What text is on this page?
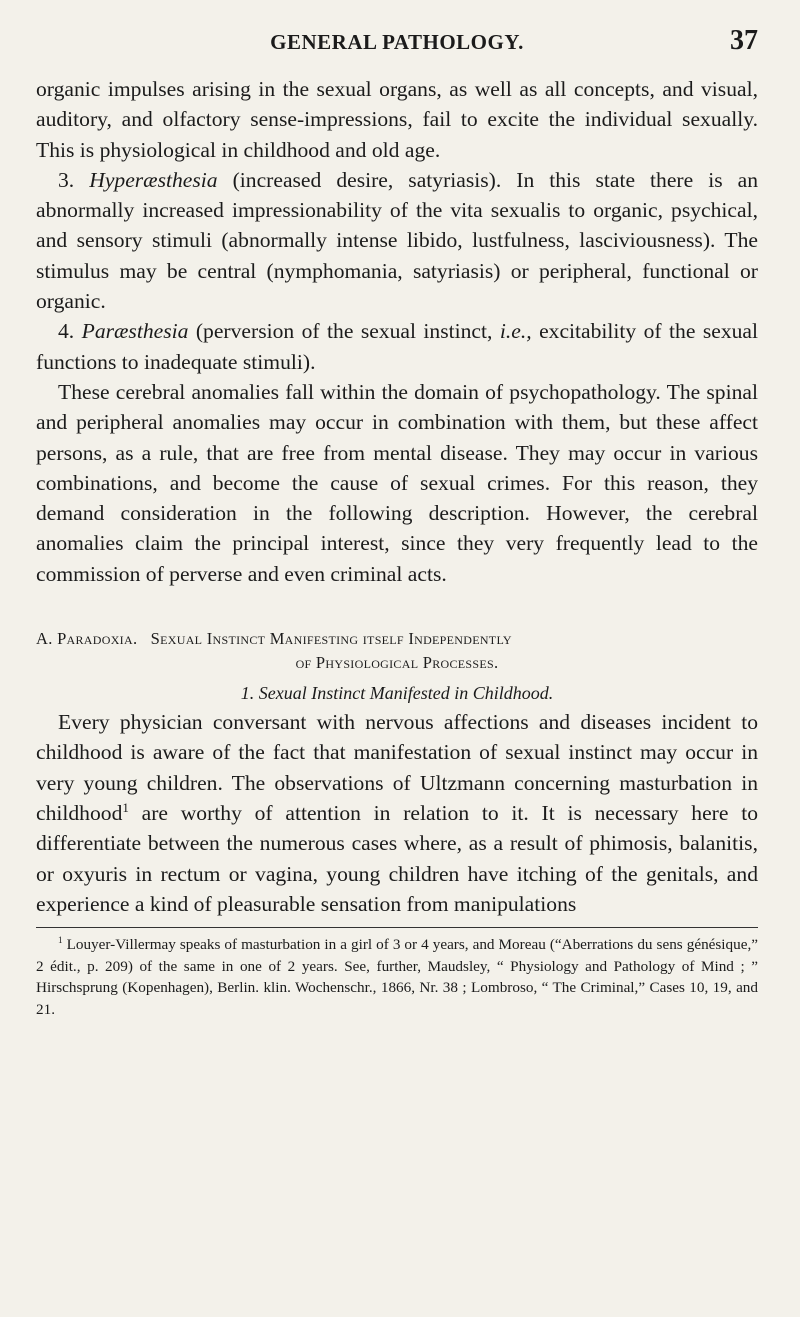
GENERAL PATHOLOGY.	37

organic impulses arising in the sexual organs, as well as all concepts, and visual, auditory, and olfactory sense-impressions, fail to excite the individual sexually. This is physiological in childhood and old age.

3. Hyperæsthesia (increased desire, satyriasis). In this state there is an abnormally increased impressionability of the vita sexualis to organic, psychical, and sensory stimuli (abnormally intense libido, lustfulness, lasciviousness). The stimulus may be central (nymphomania, satyriasis) or peripheral, functional or organic.

4. Paræsthesia (perversion of the sexual instinct, i.e., excitability of the sexual functions to inadequate stimuli).

These cerebral anomalies fall within the domain of psychopathology. The spinal and peripheral anomalies may occur in combination with them, but these affect persons, as a rule, that are free from mental disease. They may occur in various combinations, and become the cause of sexual crimes. For this reason, they demand consideration in the following description. However, the cerebral anomalies claim the principal interest, since they very frequently lead to the commission of perverse and even criminal acts.

A. Paradoxia. Sexual Instinct Manifesting itself Independently
of Physiological Processes.
1. Sexual Instinct Manifested in Childhood.

Every physician conversant with nervous affections and diseases incident to childhood is aware of the fact that manifestation of sexual instinct may occur in very young children. The observations of Ultzmann concerning masturbation in childhood$^1$ are worthy of attention in relation to it. It is necessary here to differentiate between the numerous cases where, as a result of phimosis, balanitis, or oxyuris in rectum or vagina, young children have itching of the genitals, and experience a kind of pleasurable sensation from manipulations

$^1$ Louyer-Villermay speaks of masturbation in a girl of 3 or 4 years, and Moreau (“Aberrations du sens génésique,” 2 édit., p. 209) of the same in one of 2 years. See, further, Maudsley, “ Physiology and Pathology of Mind ; ” Hirschsprung (Kopenhagen), Berlin. klin. Wochenschr., 1866, Nr. 38 ; Lombroso, “ The Criminal,” Cases 10, 19, and 21.
